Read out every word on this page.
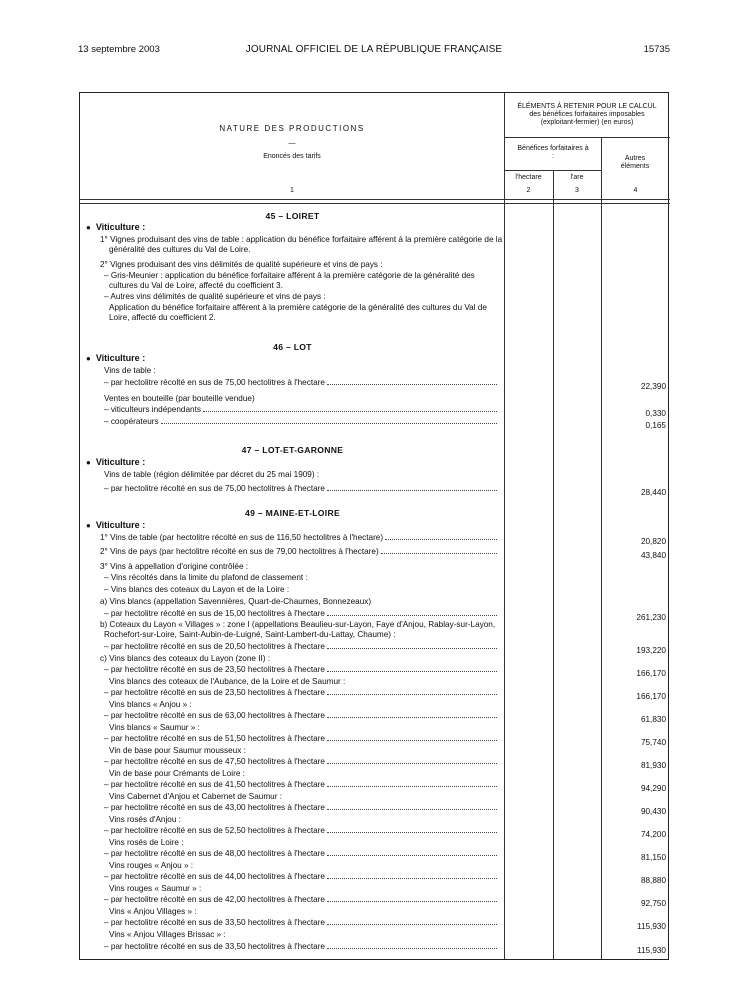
13 septembre 2003	JOURNAL OFFICIEL DE LA RÉPUBLIQUE FRANÇAISE	15735
NATURE DES PRODUCTIONS
—
Enoncés des tarifs
1
ÉLÉMENTS À RETENIR POUR LE CALCUL
des bénéfices forfaitaires imposables
(exploitant-fermier) (en euros)
Bénéfices forfaitaires à :
l'hectare	l'are
Autres éléments
2	3	4
45 – LOIRET
● Viticulture :
1° Vignes produisant des vins de table : application du bénéfice forfaitaire afférent à la première catégorie de la
généralité des cultures du Val de Loire.
2° Vignes produisant des vins délimités de qualité supérieure et vins de pays :
– Gris-Meunier : application du bénéfice forfaitaire afférent à la première catégorie de la généralité des
cultures du Val de Loire, affecté du coefficient 3.
– Autres vins délimités de qualité supérieure et vins de pays :
Application du bénéfice forfaitaire afférent à la première catégorie de la généralité des cultures du Val de
Loire, affecté du coefficient 2.
46 – LOT
● Viticulture :
Vins de table :
– par hectolitre récolté en sus de 75,00 hectolitres à l'hectare	22,390
Ventes en bouteille (par bouteille vendue)
– viticulteurs indépendants	0,330
– coopérateurs	0,165
47 – LOT-ET-GARONNE
● Viticulture :
Vins de table (région délimitée par décret du 25 mai 1909) :
– par hectolitre récolté en sus de 75,00 hectolitres à l'hectare	28,440
49 – MAINE-ET-LOIRE
● Viticulture :
1° Vins de table (par hectolitre récolté en sus de 116,50 hectolitres à l'hectare)	20,820
2° Vins de pays (par hectolitre récolté en sus de 79,00 hectolitres à l'hectare)	43,840
3° Vins à appellation d'origine contrôlée :
– Vins récoltés dans la limite du plafond de classement :
– Vins blancs des coteaux du Layon et de la Loire :
a) Vins blancs (appellation Savennières, Quart-de-Chaumes, Bonnezeaux)
– par hectolitre récolté en sus de 15,00 hectolitres à l'hectare	261,230
b) Coteaux du Layon « Villages » : zone I (appellations Beaulieu-sur-Layon, Faye d'Anjou, Rablay-sur-Layon,
Rochefort-sur-Loire, Saint-Aubin-de-Luigné, Saint-Lambert-du-Lattay, Chaume) :
– par hectolitre récolté en sus de 20,50 hectolitres à l'hectare	193,220
c) Vins blancs des coteaux du Layon (zone II) :
– par hectolitre récolté en sus de 23,50 hectolitres à l'hectare	166,170
Vins blancs des coteaux de l'Aubance, de la Loire et de Saumur :
– par hectolitre récolté en sus de 23,50 hectolitres à l'hectare	166,170
Vins blancs « Anjou » :
– par hectolitre récolté en sus de 63,00 hectolitres à l'hectare	61,830
Vins blancs « Saumur » :
– par hectolitre récolté en sus de 51,50 hectolitres à l'hectare	75,740
Vin de base pour Saumur mousseux :
– par hectolitre récolté en sus de 47,50 hectolitres à l'hectare	81,930
Vin de base pour Crémants de Loire :
– par hectolitre récolté en sus de 41,50 hectolitres à l'hectare	94,290
Vins Cabernet d'Anjou et Cabernet de Saumur :
– par hectolitre récolté en sus de 43,00 hectolitres à l'hectare	90,430
Vins rosés d'Anjou :
– par hectolitre récolté en sus de 52,50 hectolitres à l'hectare	74,200
Vins rosés de Loire :
– par hectolitre récolté en sus de 48,00 hectolitres à l'hectare	81,150
Vins rouges « Anjou » :
– par hectolitre récolté en sus de 44,00 hectolitres à l'hectare	88,880
Vins rouges « Saumur » :
– par hectolitre récolté en sus de 42,00 hectolitres à l'hectare	92,750
Vins « Anjou Villages » :
– par hectolitre récolté en sus de 33,50 hectolitres à l'hectare	115,930
Vins « Anjou Villages Brissac » :
– par hectolitre récolté en sus de 33,50 hectolitres à l'hectare	115,930
